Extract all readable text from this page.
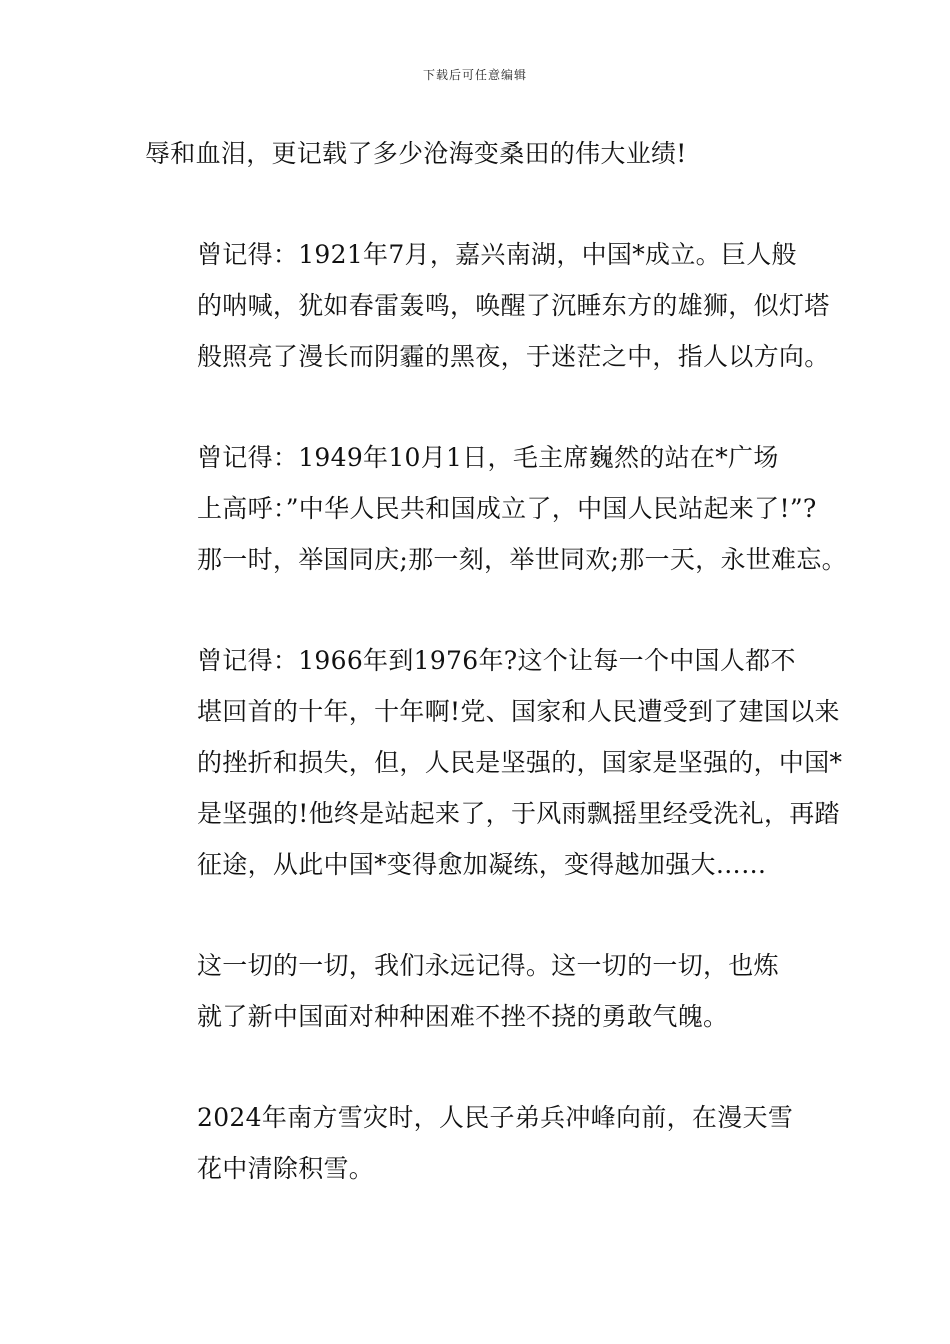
下载后可任意编辑

辱和血泪，更记载了多少沧海变桑田的伟大业绩!

曾记得：1921年7月，嘉兴南湖，中国*成立。巨人般
的呐喊，犹如春雷轰鸣，唤醒了沉睡东方的雄狮，似灯塔
般照亮了漫长而阴霾的黑夜，于迷茫之中，指人以方向。

曾记得：1949年10月1日，毛主席巍然的站在*广场
上高呼：”中华人民共和国成立了，中国人民站起来了!”?
那一时，举国同庆;那一刻，举世同欢;那一天，永世难忘。

曾记得：1966年到1976年?这个让每一个中国人都不
堪回首的十年，十年啊!党、国家和人民遭受到了建国以来
的挫折和损失，但，人民是坚强的，国家是坚强的，中国*
是坚强的!他终是站起来了，于风雨飘摇里经受洗礼，再踏
征途，从此中国*变得愈加凝练，变得越加强大……

这一切的一切，我们永远记得。这一切的一切，也炼
就了新中国面对种种困难不挫不挠的勇敢气魄。

2024年南方雪灾时，人民子弟兵冲峰向前，在漫天雪
花中清除积雪。
